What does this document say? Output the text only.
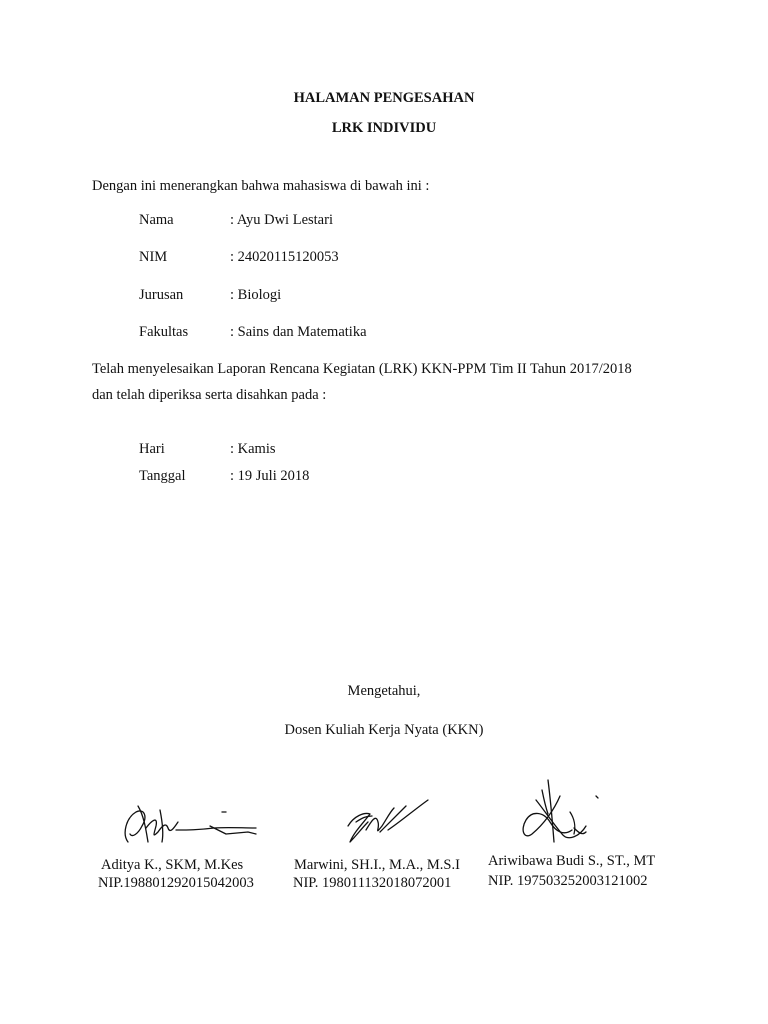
HALAMAN PENGESAHAN
LRK INDIVIDU
Dengan ini menerangkan bahwa mahasiswa di bawah ini :
Nama	: Ayu Dwi Lestari
NIM	: 24020115120053
Jurusan	: Biologi
Fakultas	: Sains dan Matematika
Telah menyelesaikan Laporan Rencana Kegiatan (LRK) KKN-PPM Tim II Tahun 2017/2018
dan telah diperiksa serta disahkan pada :
Hari	: Kamis
Tanggal	: 19 Juli 2018
Mengetahui,
Dosen Kuliah Kerja Nyata (KKN)
Aditya K., SKM, M.Kes
NIP.198801292015042003
Marwini, SH.I., M.A., M.S.I
NIP. 198011132018072001
Ariwibawa Budi S., ST., MT
NIP. 197503252003121002
